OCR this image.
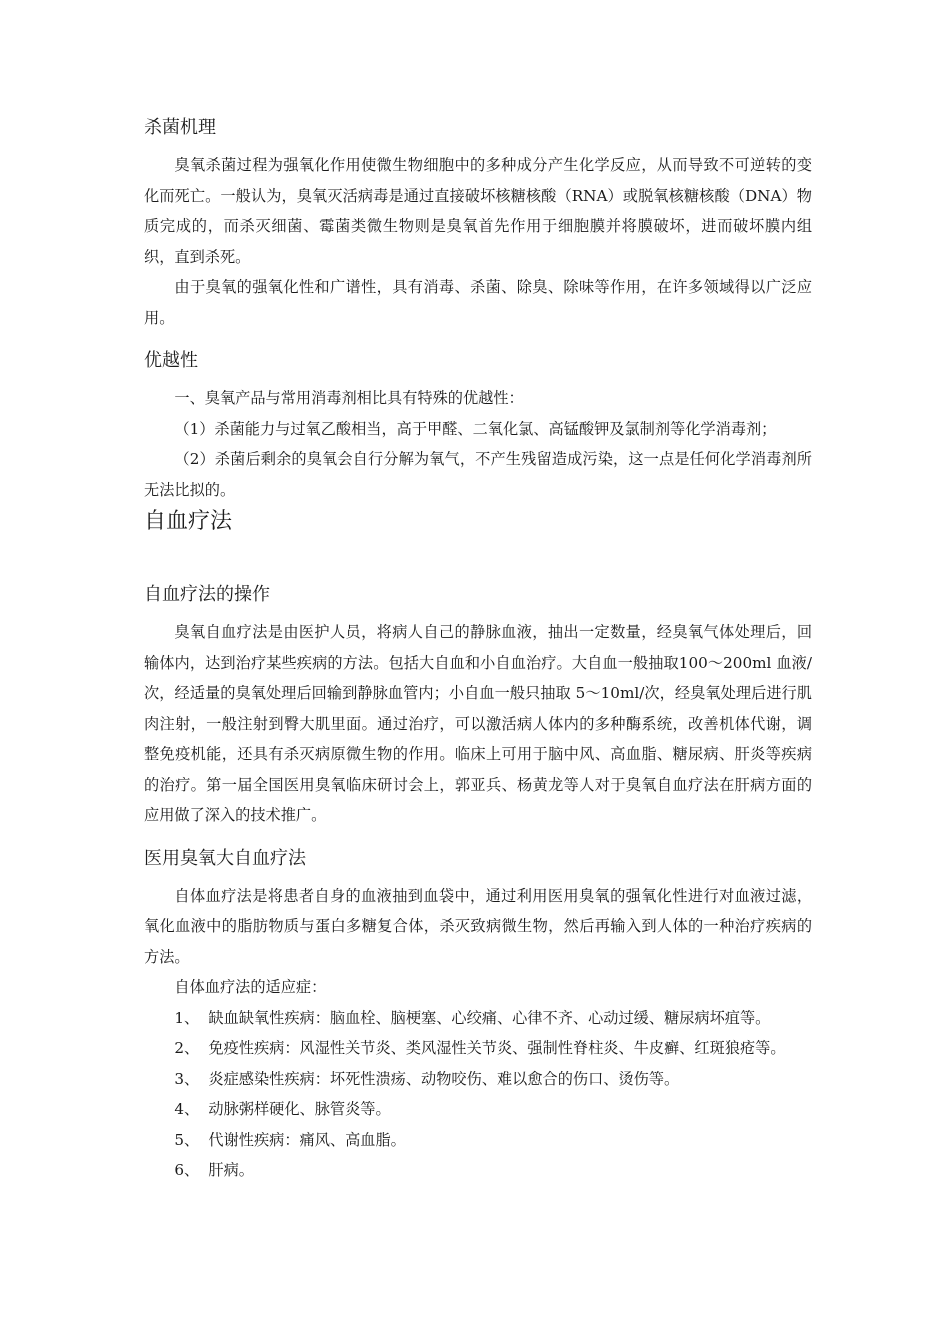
杀菌机理

臭氧杀菌过程为强氧化作用使微生物细胞中的多种成分产生化学反应，从而导致不可逆转的变化而死亡。一般认为，臭氧灭活病毒是通过直接破坏核糖核酸（RNA）或脱氧核糖核酸（DNA）物质完成的，而杀灭细菌、霉菌类微生物则是臭氧首先作用于细胞膜并将膜破坏，进而破坏膜内组织，直到杀死。

由于臭氧的强氧化性和广谱性，具有消毒、杀菌、除臭、除味等作用，在许多领域得以广泛应用。

优越性

一、臭氧产品与常用消毒剂相比具有特殊的优越性：

（1）杀菌能力与过氧乙酸相当，高于甲醛、二氧化氯、高锰酸钾及氯制剂等化学消毒剂；

（2）杀菌后剩余的臭氧会自行分解为氧气，不产生残留造成污染，这一点是任何化学消毒剂所无法比拟的。

自血疗法
自血疗法的操作

臭氧自血疗法是由医护人员，将病人自己的静脉血液，抽出一定数量，经臭氧气体处理后，回输体内，达到治疗某些疾病的方法。包括大自血和小自血治疗。大自血一般抽取100～200ml 血液/次，经适量的臭氧处理后回输到静脉血管内；小自血一般只抽取 5～10ml/次，经臭氧处理后进行肌肉注射，一般注射到臀大肌里面。通过治疗，可以激活病人体内的多种酶系统，改善机体代谢，调整免疫机能，还具有杀灭病原微生物的作用。临床上可用于脑中风、高血脂、糖尿病、肝炎等疾病的治疗。第一届全国医用臭氧临床研讨会上，郭亚兵、杨黄龙等人对于臭氧自血疗法在肝病方面的应用做了深入的技术推广。

医用臭氧大自血疗法

自体血疗法是将患者自身的血液抽到血袋中，通过利用医用臭氧的强氧化性进行对血液过滤，氧化血液中的脂肪物质与蛋白多糖复合体，杀灭致病微生物，然后再输入到人体的一种治疗疾病的方法。

自体血疗法的适应症：

1、 缺血缺氧性疾病：脑血栓、脑梗塞、心绞痛、心律不齐、心动过缓、糖尿病坏疽等。

2、 免疫性疾病：风湿性关节炎、类风湿性关节炎、强制性脊柱炎、牛皮癣、红斑狼疮等。

3、 炎症感染性疾病：坏死性溃疡、动物咬伤、难以愈合的伤口、烫伤等。

4、 动脉粥样硬化、脉管炎等。

5、 代谢性疾病：痛风、高血脂。

6、 肝病。
